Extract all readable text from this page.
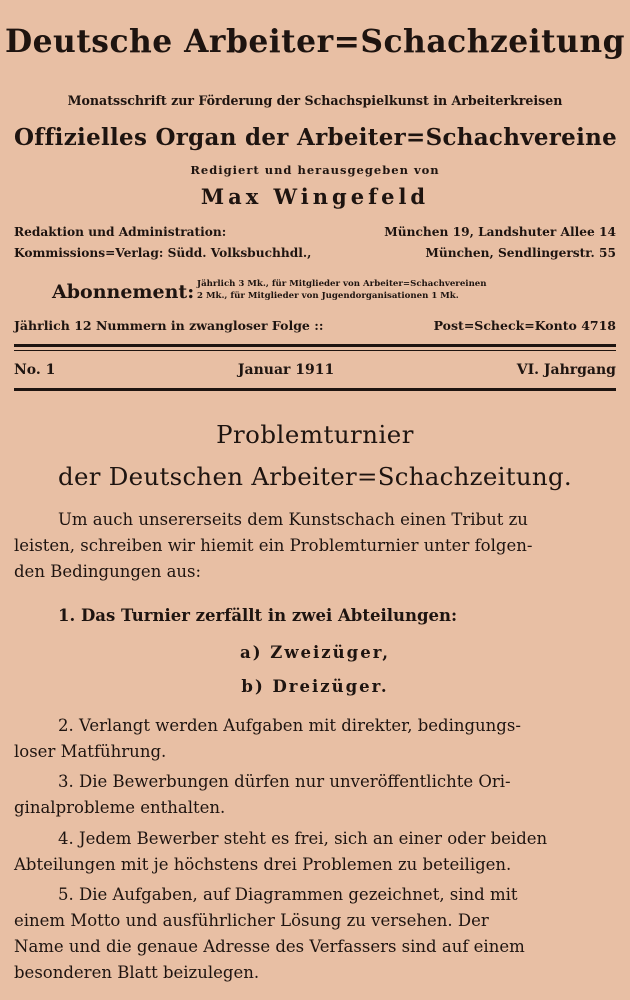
Deutsche Arbeiter=Schachzeitung
Monatsschrift zur Förderung der Schachspielkunst in Arbeiterkreisen
Offizielles Organ der Arbeiter=Schachvereine
Redigiert und herausgegeben von
Max Wingefeld
Redaktion und Administration:	München 19, Landshuter Allee 14
Kommissions=Verlag: Südd. Volksbuchhdl.,	München, Sendlingerstr. 55
Abonnement: Jährlich 3 Mk., für Mitglieder von Arbeiter=Schachvereinen
2 Mk., für Mitglieder von Jugendorganisationen 1 Mk.
Jährlich 12 Nummern in zwangloser Folge ::	Post=Scheck=Konto 4718
No. 1	Januar 1911	VI. Jahrgang
Problemturnier
der Deutschen Arbeiter=Schachzeitung.
Um auch unsererseits dem Kunstschach einen Tribut zu
leisten, schreiben wir hiemit ein Problemturnier unter folgen-
den Bedingungen aus:
1. Das Turnier zerfällt in zwei Abteilungen:
a) Zweizüger,
b) Dreizüger.
2. Verlangt werden Aufgaben mit direkter, bedingungs-
loser Matführung.
3. Die Bewerbungen dürfen nur unveröffentlichte Ori-
ginalprobleme enthalten.
4. Jedem Bewerber steht es frei, sich an einer oder beiden
Abteilungen mit je höchstens drei Problemen zu beteiligen.
5. Die Aufgaben, auf Diagrammen gezeichnet, sind mit
einem Motto und ausführlicher Lösung zu versehen. Der
Name und die genaue Adresse des Verfassers sind auf einem
besonderen Blatt beizulegen.
